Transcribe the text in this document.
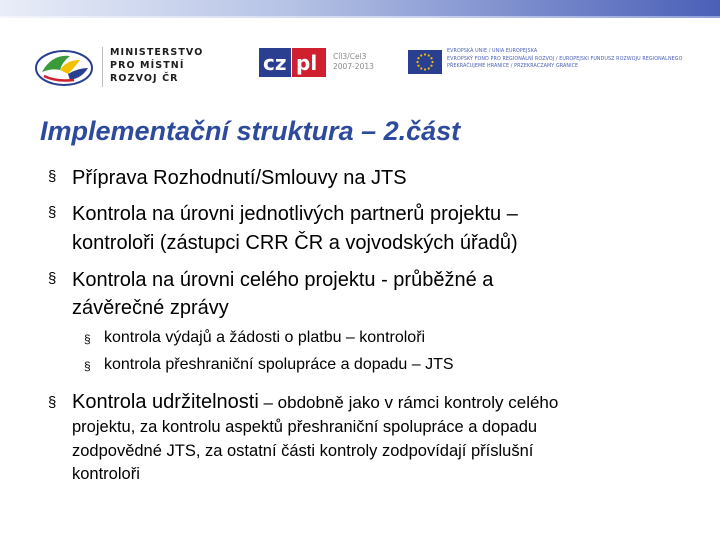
MINISTERSTVO
PRO MÍSTNÍ
ROZVOJ ČR
cz pl Cíl3/Cel3
2007-2013
EVROPSKÁ UNIE / UNIA EUROPEJSKA
EVROPSKÝ FOND PRO REGIONÁLNÍ ROZVOJ / EUROPEJSKI FUNDUSZ ROZWOJU REGIONALNEGO
PŘEKRAČUJEME HRANICE / PRZEKRACZAMY GRANICE
Implementační struktura – 2.část
§ Příprava Rozhodnutí/Smlouvy na JTS
§ Kontrola na úrovni jednotlivých partnerů projektu –
kontroloři (zástupci CRR ČR a vojvodských úřadů)
§ Kontrola na úrovni celého projektu - průběžné a
závěrečné zprávy
§ kontrola výdajů a žádosti o platbu – kontroloři
§ kontrola přeshraniční spolupráce a dopadu – JTS
§ Kontrola udržitelnosti – obdobně jako v rámci kontroly celého
projektu, za kontrolu aspektů přeshraniční spolupráce a dopadu
zodpovědné JTS, za ostatní části kontroly zodpovídají příslušní
kontroloři
